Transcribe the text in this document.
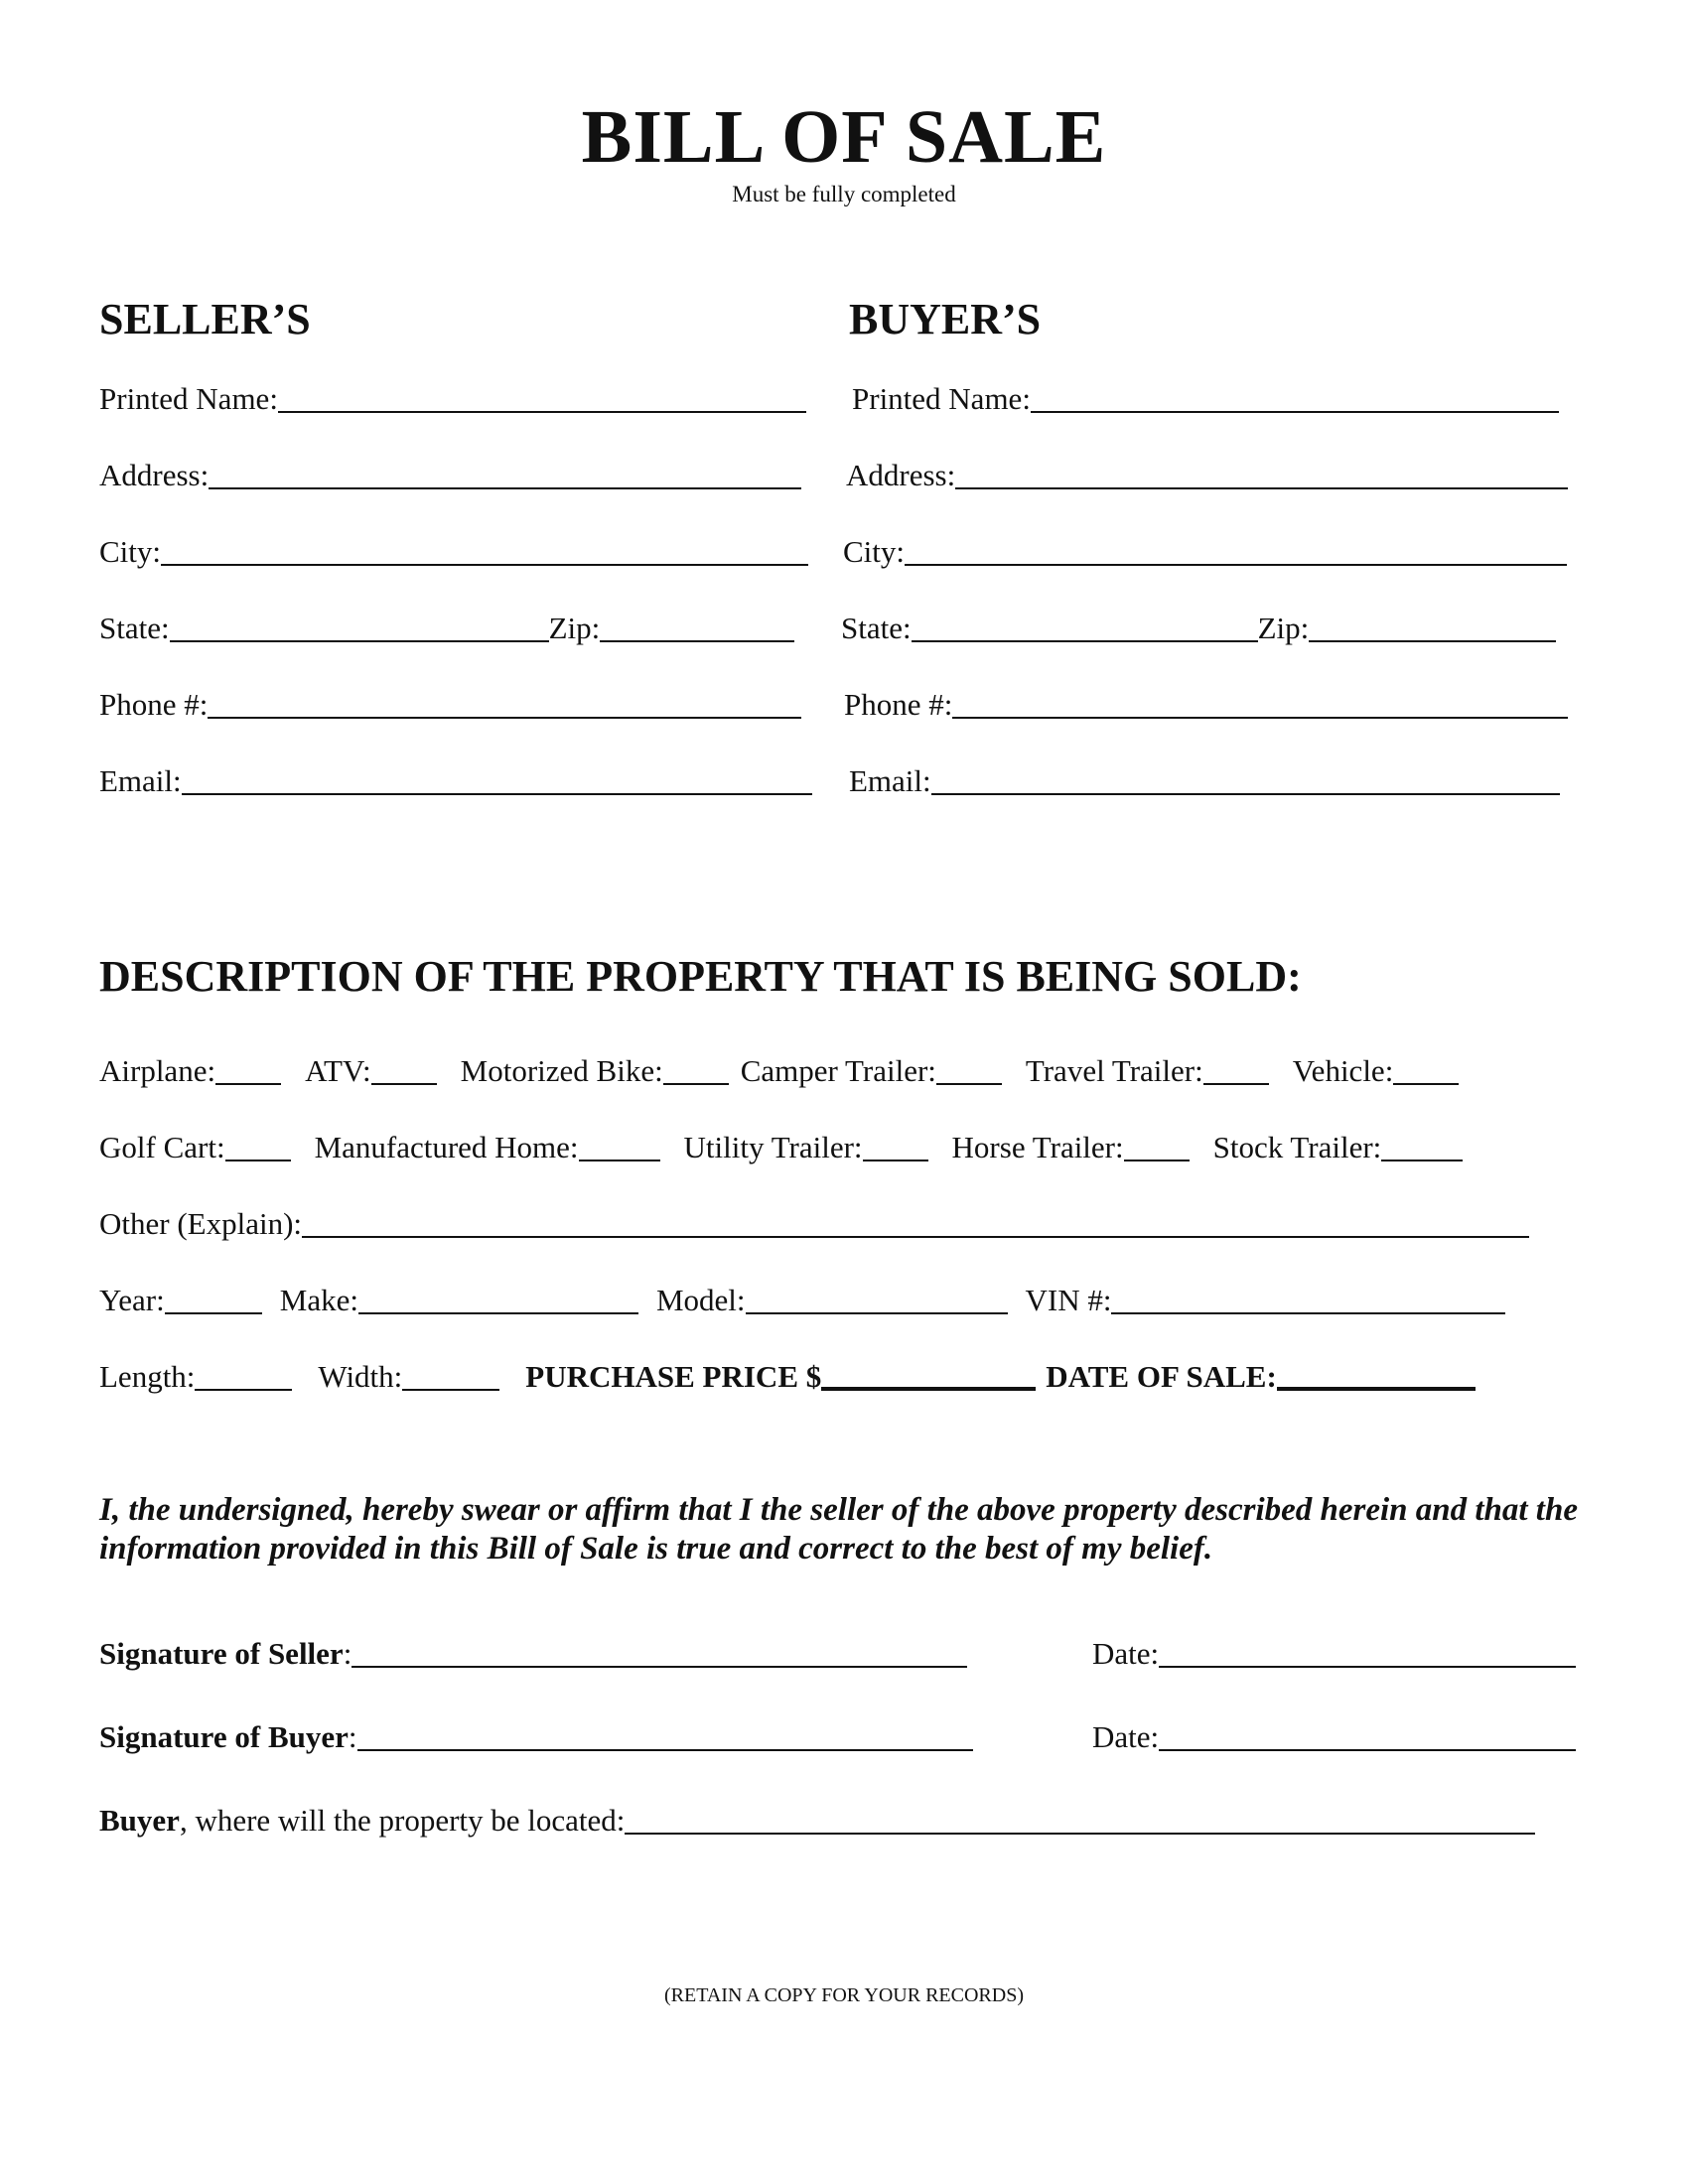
BILL OF SALE
Must be fully completed
SELLER’S	BUYER’S
Printed Name:
Address:
City:
State:	Zip:
Phone #:
Email:
Printed Name:
Address:
City:
State:	Zip:
Phone #:
Email:
DESCRIPTION OF THE PROPERTY THAT IS BEING SOLD:
Airplane:	ATV:	Motorized Bike:	Camper Trailer:	Travel Trailer:	Vehicle:
Golf Cart:	Manufactured Home:	Utility Trailer:	Horse Trailer:	Stock Trailer:
Other (Explain):
Year:	Make:	Model:	VIN #:
Length:	Width:	PURCHASE PRICE $	DATE OF SALE:
I, the undersigned, hereby swear or affirm that I the seller of the above property described herein and that the information provided in this Bill of Sale is true and correct to the best of my belief.
Signature of Seller :	Date:
Signature of Buyer :	Date:
Buyer , where will the property be located:
(RETAIN A COPY FOR YOUR RECORDS)
